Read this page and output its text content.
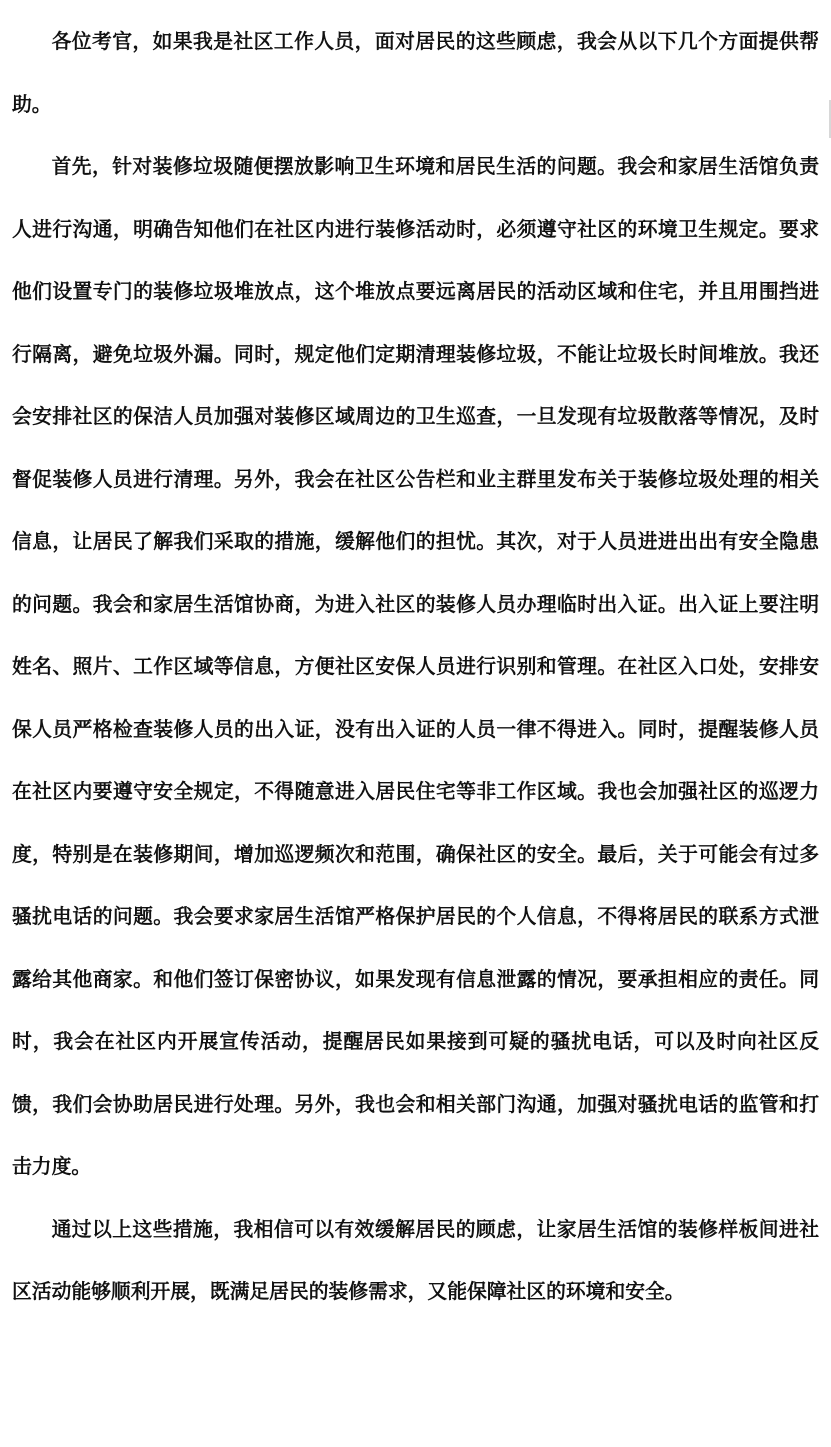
各位考官，如果我是社区工作人员，面对居民的这些顾虑，我会从以下几个方面提供帮助。

首先，针对装修垃圾随便摆放影响卫生环境和居民生活的问题。我会和家居生活馆负责人进行沟通，明确告知他们在社区内进行装修活动时，必须遵守社区的环境卫生规定。要求他们设置专门的装修垃圾堆放点，这个堆放点要远离居民的活动区域和住宅，并且用围挡进行隔离，避免垃圾外漏。同时，规定他们定期清理装修垃圾，不能让垃圾长时间堆放。我还会安排社区的保洁人员加强对装修区域周边的卫生巡查，一旦发现有垃圾散落等情况，及时督促装修人员进行清理。另外，我会在社区公告栏和业主群里发布关于装修垃圾处理的相关信息，让居民了解我们采取的措施，缓解他们的担忧。其次，对于人员进进出出有安全隐患的问题。我会和家居生活馆协商，为进入社区的装修人员办理临时出入证。出入证上要注明姓名、照片、工作区域等信息，方便社区安保人员进行识别和管理。在社区入口处，安排安保人员严格检查装修人员的出入证，没有出入证的人员一律不得进入。同时，提醒装修人员在社区内要遵守安全规定，不得随意进入居民住宅等非工作区域。我也会加强社区的巡逻力度，特别是在装修期间，增加巡逻频次和范围，确保社区的安全。最后，关于可能会有过多骚扰电话的问题。我会要求家居生活馆严格保护居民的个人信息，不得将居民的联系方式泄露给其他商家。和他们签订保密协议，如果发现有信息泄露的情况，要承担相应的责任。同时，我会在社区内开展宣传活动，提醒居民如果接到可疑的骚扰电话，可以及时向社区反馈，我们会协助居民进行处理。另外，我也会和相关部门沟通，加强对骚扰电话的监管和打击力度。

通过以上这些措施，我相信可以有效缓解居民的顾虑，让家居生活馆的装修样板间进社区活动能够顺利开展，既满足居民的装修需求，又能保障社区的环境和安全。
